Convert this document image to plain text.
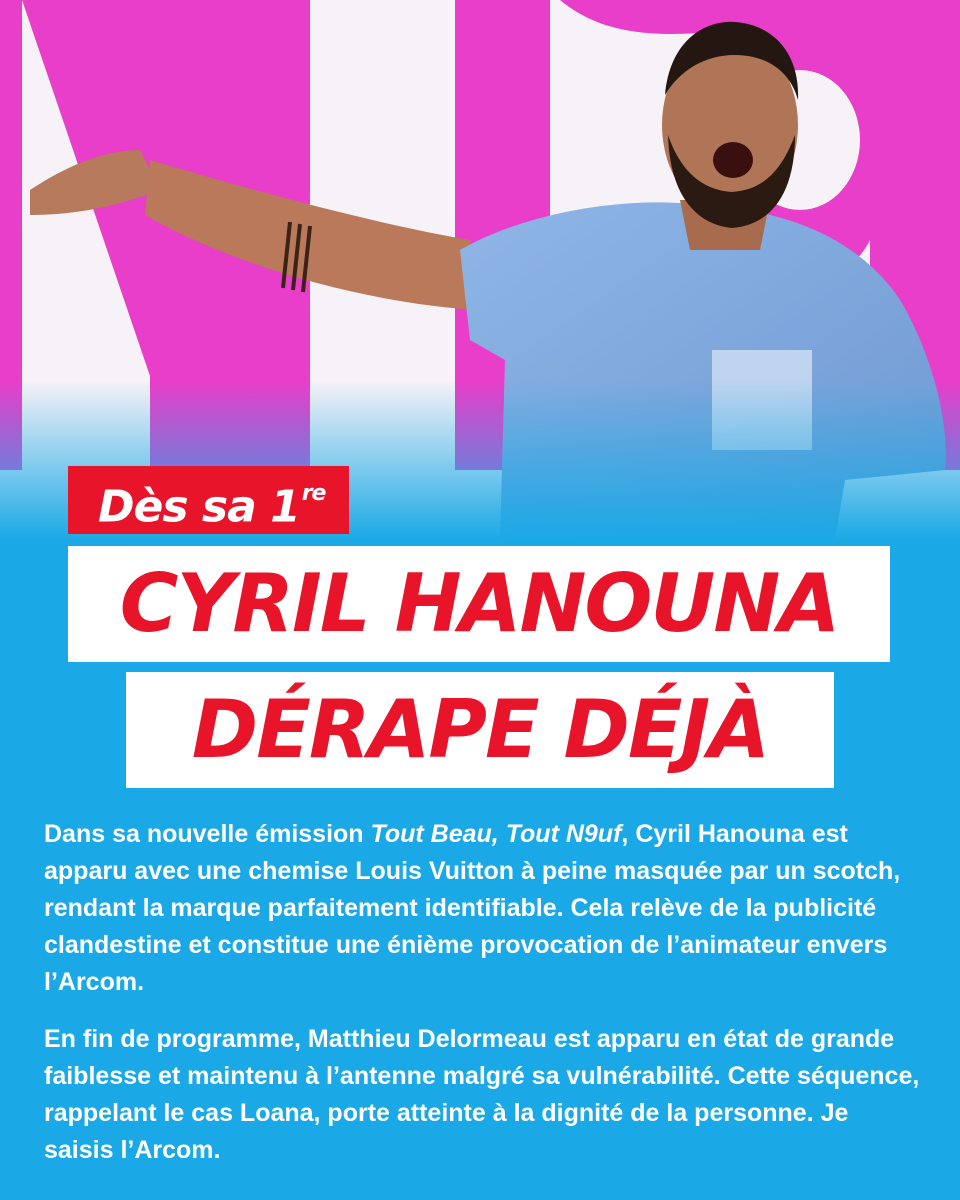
Dès sa 1re
CYRIL HANOUNA
DÉRAPE DÉJÀ

Dans sa nouvelle émission Tout Beau, Tout N9uf, Cyril Hanouna est apparu avec une chemise Louis Vuitton à peine masquée par un scotch, rendant la marque parfaitement identifiable. Cela relève de la publicité clandestine et constitue une énième provocation de l’animateur envers l’Arcom.

En fin de programme, Matthieu Delormeau est apparu en état de grande faiblesse et maintenu à l’antenne malgré sa vulnérabilité. Cette séquence, rappelant le cas Loana, porte atteinte à la dignité de la personne. Je saisis l’Arcom.
